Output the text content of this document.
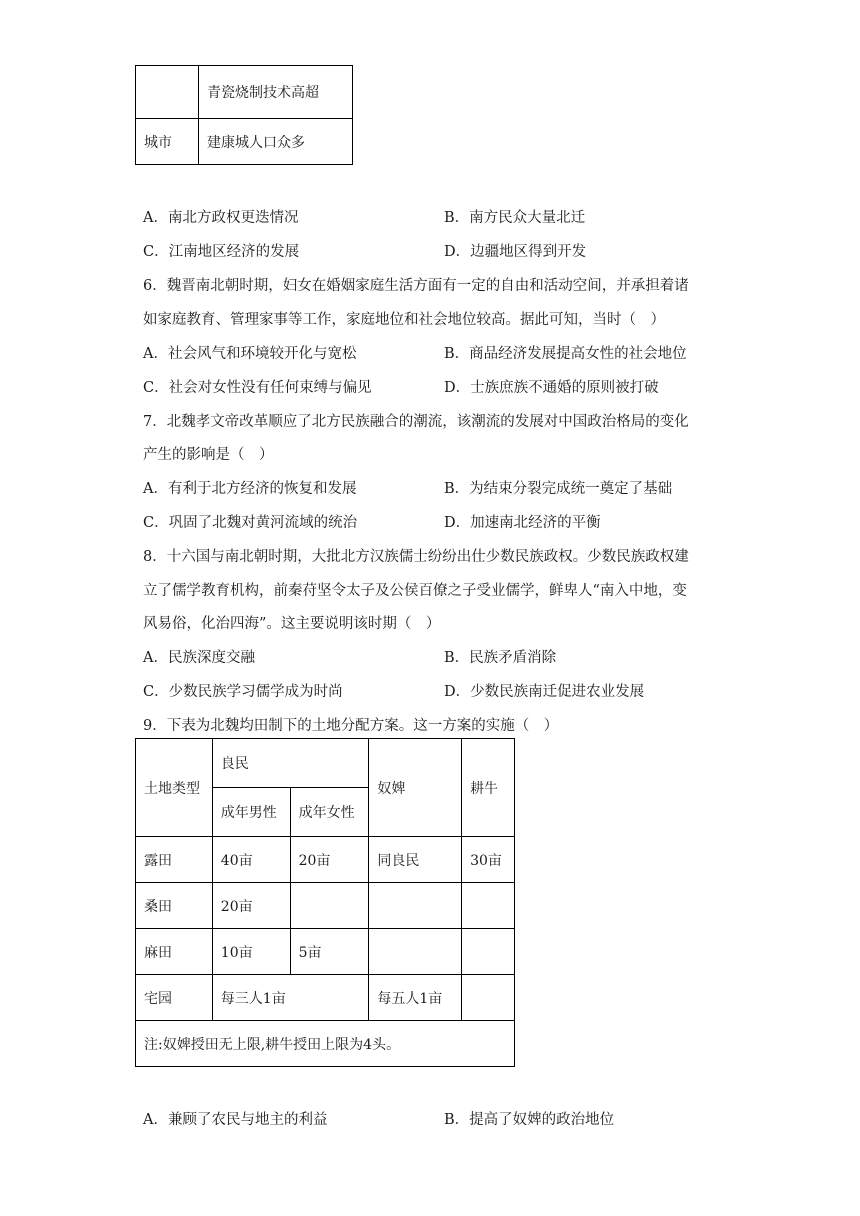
	青瓷烧制技术高超
城市	建康城人口众多
A．南北方政权更迭情况	B．南方民众大量北迁
C．江南地区经济的发展	D．边疆地区得到开发
6．魏晋南北朝时期，妇女在婚姻家庭生活方面有一定的自由和活动空间，并承担着诸
如家庭教育、管理家事等工作，家庭地位和社会地位较高。据此可知，当时（　）
A．社会风气和环境较开化与宽松	B．商品经济发展提高女性的社会地位
C．社会对女性没有任何束缚与偏见	D．士族庶族不通婚的原则被打破
7．北魏孝文帝改革顺应了北方民族融合的潮流，该潮流的发展对中国政治格局的变化
产生的影响是（　）
A．有利于北方经济的恢复和发展	B．为结束分裂完成统一奠定了基础
C．巩固了北魏对黄河流域的统治	D．加速南北经济的平衡
8．十六国与南北朝时期，大批北方汉族儒士纷纷出仕少数民族政权。少数民族政权建
立了儒学教育机构，前秦苻坚令太子及公侯百僚之子受业儒学，鲜卑人“南入中地，变
风易俗，化治四海”。这主要说明该时期（　）
A．民族深度交融	B．民族矛盾消除
C．少数民族学习儒学成为时尚	D．少数民族南迁促进农业发展
9．下表为北魏均田制下的土地分配方案。这一方案的实施（　）
土地类型	良民		奴婢	耕牛
	成年男性	成年女性		
露田	40亩	20亩	同良民	30亩
桑田	20亩			
麻田	10亩	5亩		
宅园	每三人1亩		每五人1亩	
注:奴婢授田无上限,耕牛授田上限为4头。				
A．兼顾了农民与地主的利益	B．提高了奴婢的政治地位
